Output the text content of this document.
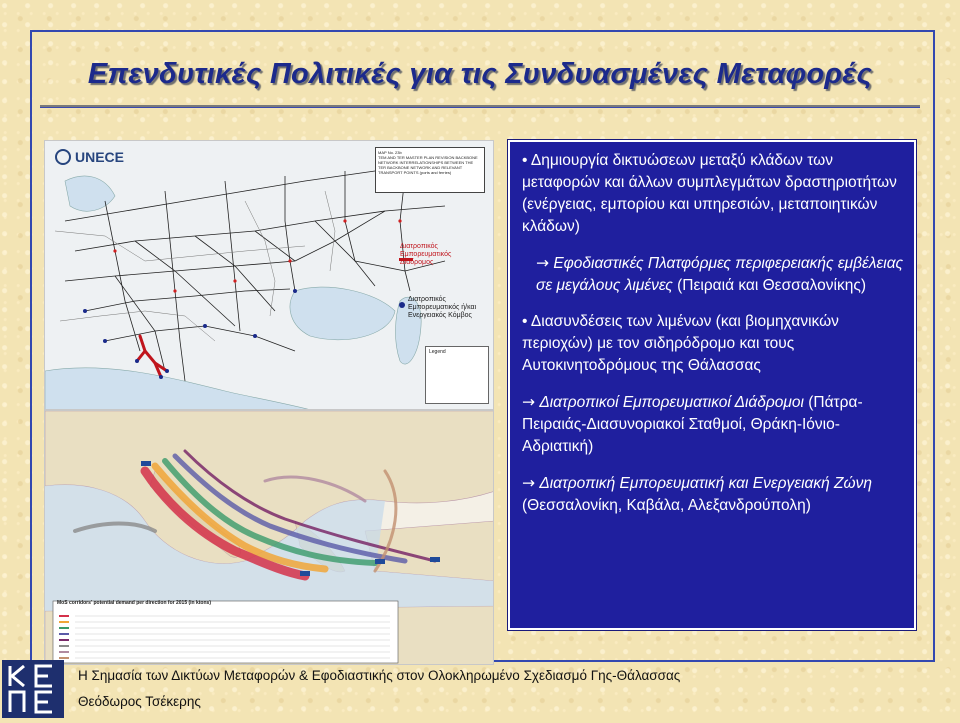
Επενδυτικές Πολιτικές για τις Συνδυασμένες Μεταφορές
UNECE	MAP No. 23b
TEM AND TER MASTER PLAN REVISION BACKBONE NETWORK INTERRELATIONSHIPS BETWEEN THE TER BACKBONE NETWORK AND RELEVANT TRANSPORT POINTS (ports and ferries)
Legend
Διατροπικός Εμπορευματικός Διάδρομος
Διατροπικός Εμπορευματικός ή/και Ενεργειακός Κόμβος
MoS corridors' potential demand per direction for 2015 (in ktons)

• Δημιουργία δικτυώσεων μεταξύ κλάδων των μεταφορών και άλλων συμπλεγμάτων δραστηριοτήτων (ενέργειας, εμπορίου και υπηρεσιών, μεταποιητικών κλάδων)

→ Εφοδιαστικές Πλατφόρμες περιφερειακής εμβέλειας σε μεγάλους λιμένες (Πειραιά και Θεσσαλονίκης)

• Διασυνδέσεις των λιμένων (και βιομηχανικών περιοχών) με τον σιδηρόδρομο και τους Αυτοκινητοδρόμους της Θάλασσας

→ Διατροπικοί Εμπορευματικοί Διάδρομοι (Πάτρα-Πειραιάς-Διασυνοριακοί Σταθμοί, Θράκη-Ιόνιο-Αδριατική)

→ Διατροπική Εμπορευματική και Ενεργειακή Ζώνη (Θεσσαλονίκη, Καβάλα, Αλεξανδρούπολη)

Η Σημασία των Δικτύων Μεταφορών & Εφοδιαστικής στον Ολοκληρωμένο Σχεδιασμό Γης-Θάλασσας
Θεόδωρος Τσέκερης
